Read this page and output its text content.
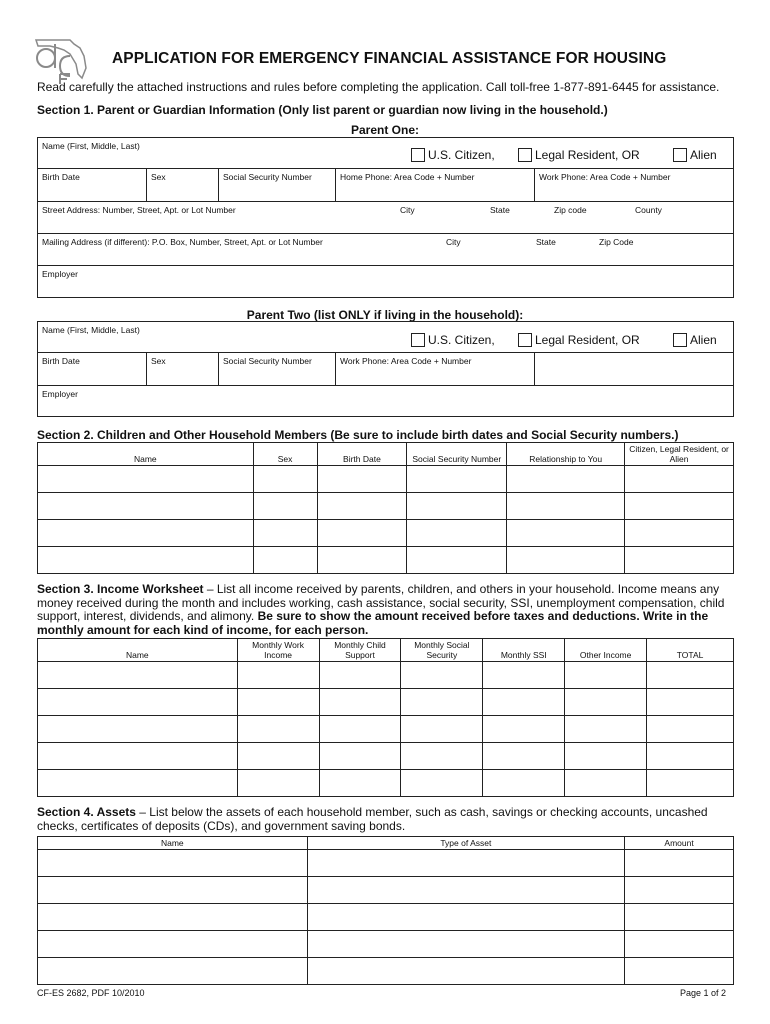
APPLICATION FOR EMERGENCY FINANCIAL ASSISTANCE FOR HOUSING
Read carefully the attached instructions and rules before completing the application. Call toll-free 1-877-891-6445 for assistance.
Section 1. Parent or Guardian Information (Only list parent or guardian now living in the household.)
Parent One:
Name (First, Middle, Last)
U.S. Citizen,	Legal Resident, OR	Alien
Birth Date	Sex	Social Security Number	Home Phone: Area Code + Number	Work Phone: Area Code + Number
Street Address: Number, Street, Apt. or Lot Number	City	State	Zip code	County
Mailing Address (if different): P.O. Box, Number, Street, Apt. or Lot Number	City	State	Zip Code
Employer
Parent Two (list ONLY if living in the household):
Name (First, Middle, Last)
U.S. Citizen,	Legal Resident, OR	Alien
Birth Date	Sex	Social Security Number	Work Phone: Area Code + Number
Employer
Section 2. Children and Other Household Members (Be sure to include birth dates and Social Security numbers.)
Name	Sex	Birth Date	Social Security Number	Relationship to You	Citizen, Legal Resident, or Alien

Section 3. Income Worksheet – List all income received by parents, children, and others in your household. Income means any money received during the month and includes working, cash assistance, social security, SSI, unemployment compensation, child support, interest, dividends, and alimony. Be sure to show the amount received before taxes and deductions. Write in the monthly amount for each kind of income, for each person.
Name	Monthly Work Income	Monthly Child Support	Monthly Social Security	Monthly SSI	Other Income	TOTAL

Section 4. Assets – List below the assets of each household member, such as cash, savings or checking accounts, uncashed checks, certificates of deposits (CDs), and government saving bonds.
Name	Type of Asset	Amount

CF-ES 2682, PDF 10/2010	Page 1 of 2
